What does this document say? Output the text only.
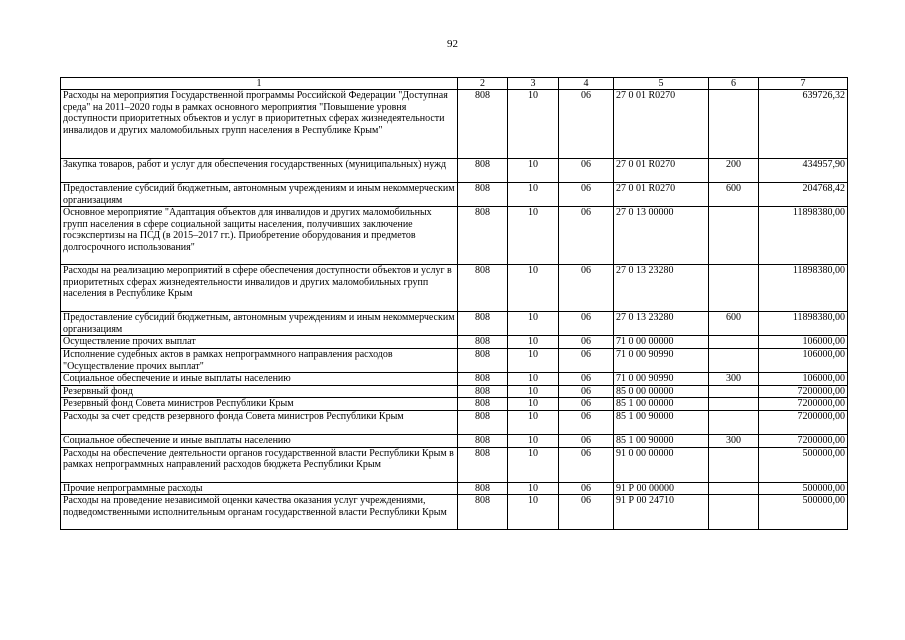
92
1	2	3	4	5	6	7
Расходы на мероприятия Государственной программы Российской Федерации "Доступная среда" на 2011–2020 годы в рамках основного мероприятия "Повышение уровня доступности приоритетных объектов и услуг в приоритетных сферах жизнедеятельности инвалидов и других маломобильных групп населения в Республике Крым"	808	10	06	27 0 01 R0270		639726,32
Закупка товаров, работ и услуг для обеспечения государственных (муниципальных) нужд	808	10	06	27 0 01 R0270	200	434957,90
Предоставление субсидий бюджетным, автономным учреждениям и иным некоммерческим организациям	808	10	06	27 0 01 R0270	600	204768,42
Основное мероприятие "Адаптация объектов для инвалидов и других маломобильных групп населения в сфере социальной защиты населения, получивших заключение госэкспертизы на ПСД (в 2015–2017 гг.). Приобретение оборудования и предметов долгосрочного использования"	808	10	06	27 0 13 00000		11898380,00
Расходы на реализацию мероприятий в сфере обеспечения доступности объектов и услуг в приоритетных сферах жизнедеятельности инвалидов и других маломобильных групп населения в Республике Крым	808	10	06	27 0 13 23280		11898380,00
Предоставление субсидий бюджетным, автономным учреждениям и иным некоммерческим организациям	808	10	06	27 0 13 23280	600	11898380,00
Осуществление прочих выплат	808	10	06	71 0 00 00000		106000,00
Исполнение судебных актов в рамках непрограммного направления расходов "Осуществление прочих выплат"	808	10	06	71 0 00 90990		106000,00
Социальное обеспечение и иные выплаты населению	808	10	06	71 0 00 90990	300	106000,00
Резервный фонд	808	10	06	85 0 00 00000		7200000,00
Резервный фонд Совета министров Республики Крым	808	10	06	85 1 00 00000		7200000,00
Расходы за счет средств резервного фонда Совета министров Республики Крым	808	10	06	85 1 00 90000		7200000,00
Социальное обеспечение и иные выплаты населению	808	10	06	85 1 00 90000	300	7200000,00
Расходы на обеспечение деятельности органов государственной власти Республики Крым в рамках непрограммных направлений расходов бюджета Республики Крым	808	10	06	91 0 00 00000		500000,00
Прочие непрограммные расходы	808	10	06	91 Р 00 00000		500000,00
Расходы на проведение независимой оценки качества оказания услуг учреждениями, подведомственными исполнительным органам государственной власти Республики Крым	808	10	06	91 Р 00 24710		500000,00
